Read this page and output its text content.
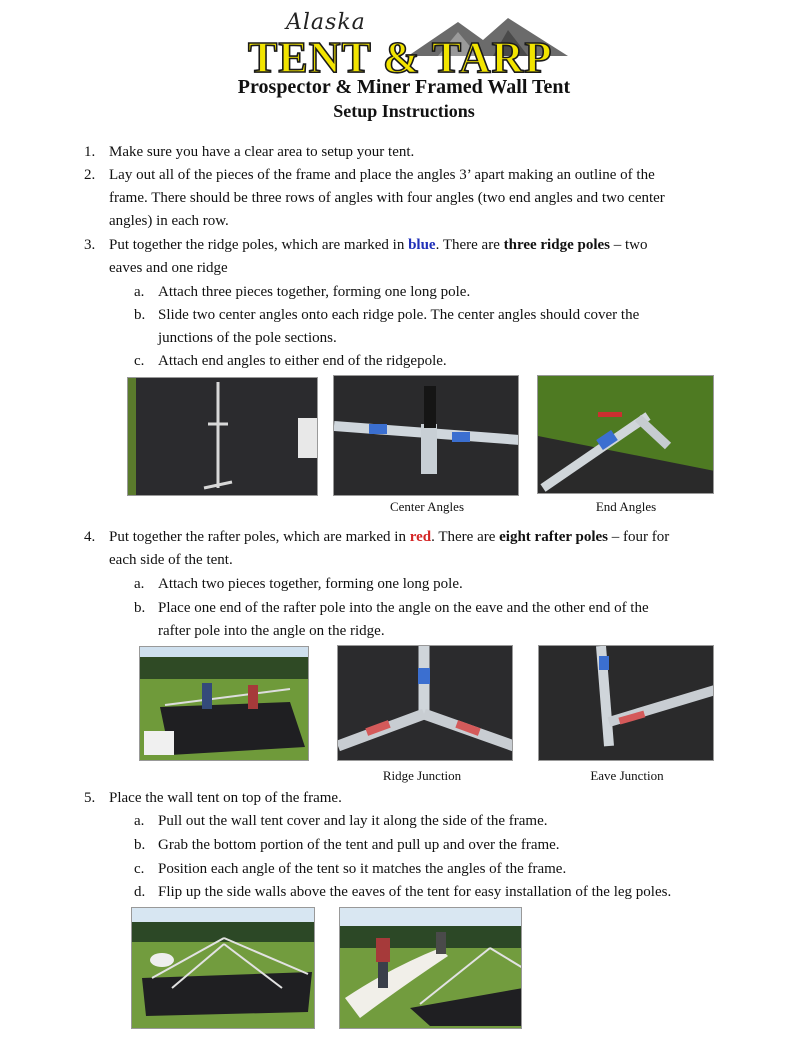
Alaska
TENT & TARP
Prospector & Miner Framed Wall Tent
Setup Instructions
1. Make sure you have a clear area to setup your tent.
2. Lay out all of the pieces of the frame and place the angles 3’ apart making an outline of the
frame. There should be three rows of angles with four angles (two end angles and two center
angles) in each row.
3. Put together the ridge poles, which are marked in blue. There are three ridge poles – two
eaves and one ridge
a. Attach three pieces together, forming one long pole.
b. Slide two center angles onto each ridge pole. The center angles should cover the
junctions of the pole sections.
c. Attach end angles to either end of the ridgepole.
Center Angles	End Angles
4. Put together the rafter poles, which are marked in red. There are eight rafter poles – four for
each side of the tent.
a. Attach two pieces together, forming one long pole.
b. Place one end of the rafter pole into the angle on the eave and the other end of the
rafter pole into the angle on the ridge.
Ridge Junction	Eave Junction
5. Place the wall tent on top of the frame.
a. Pull out the wall tent cover and lay it along the side of the frame.
b. Grab the bottom portion of the tent and pull up and over the frame.
c. Position each angle of the tent so it matches the angles of the frame.
d. Flip up the side walls above the eaves of the tent for easy installation of the leg poles.
